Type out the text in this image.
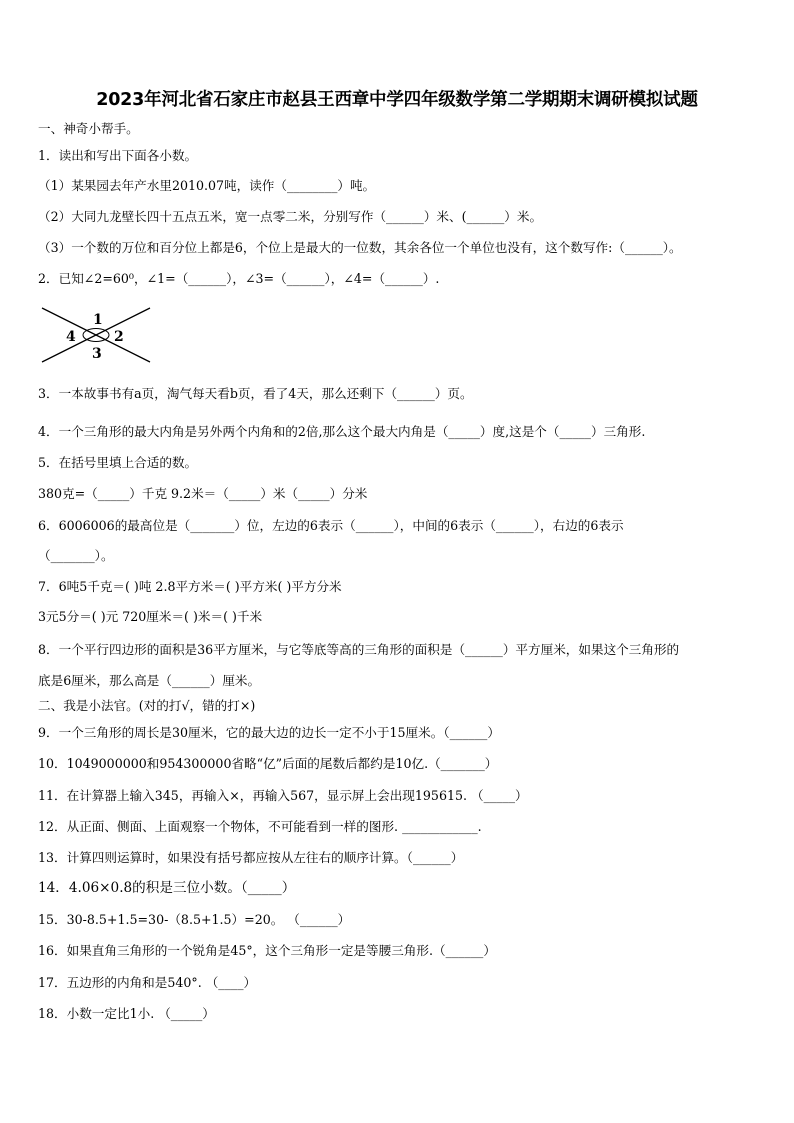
2023年河北省石家庄市赵县王西章中学四年级数学第二学期期末调研模拟试题
一、神奇小帮手。
1．读出和写出下面各小数。
（1）某果园去年产水里2010.07吨，读作（________）吨。
（2）大同九龙壁长四十五点五米，宽一点零二米，分别写作（______）米、(______）米。
（3）一个数的万位和百分位上都是6，个位上是最大的一位数，其余各位一个单位也没有，这个数写作:（______）。
2．已知∠2=60⁰，∠1=（______），∠3=（______），∠4=（______）.
1
2
3
4
3．一本故事书有a页，淘气每天看b页，看了4天，那么还剩下（______）页。
4．一个三角形的最大内角是另外两个内角和的2倍,那么这个最大内角是（_____）度,这是个（_____）三角形.
5．在括号里填上合适的数。
380克=（_____）千克 9.2米＝（_____）米（_____）分米
6．6006006的最高位是（_______）位，左边的6表示（______），中间的6表示（______），右边的6表示
（_______）。
7．6吨5千克＝( )吨 2.8平方米＝( )平方米( )平方分米
3元5分＝( )元 720厘米＝( )米＝( )千米
8．一个平行四边形的面积是36平方厘米，与它等底等高的三角形的面积是（______）平方厘米，如果这个三角形的
底是6厘米，那么高是（______）厘米。
二、我是小法官。(对的打√，错的打×)
9．一个三角形的周长是30厘米，它的最大边的边长一定不小于15厘米。（______）
10．1049000000和954300000省略“亿”后面的尾数后都约是10亿.（_______）
11．在计算器上输入345，再输入×，再输入567，显示屏上会出现195615. （_____）
12．从正面、侧面、上面观察一个物体，不可能看到一样的图形. ____________.
13．计算四则运算时，如果没有括号都应按从左往右的顺序计算。（______）
14．4.06×0.8的积是三位小数。（_____）
15．30-8.5+1.5=30-（8.5+1.5）=20。 （______）
16．如果直角三角形的一个锐角是45°，这个三角形一定是等腰三角形.（______）
17．五边形的内角和是540°. （____）
18．小数一定比1小. （_____）
